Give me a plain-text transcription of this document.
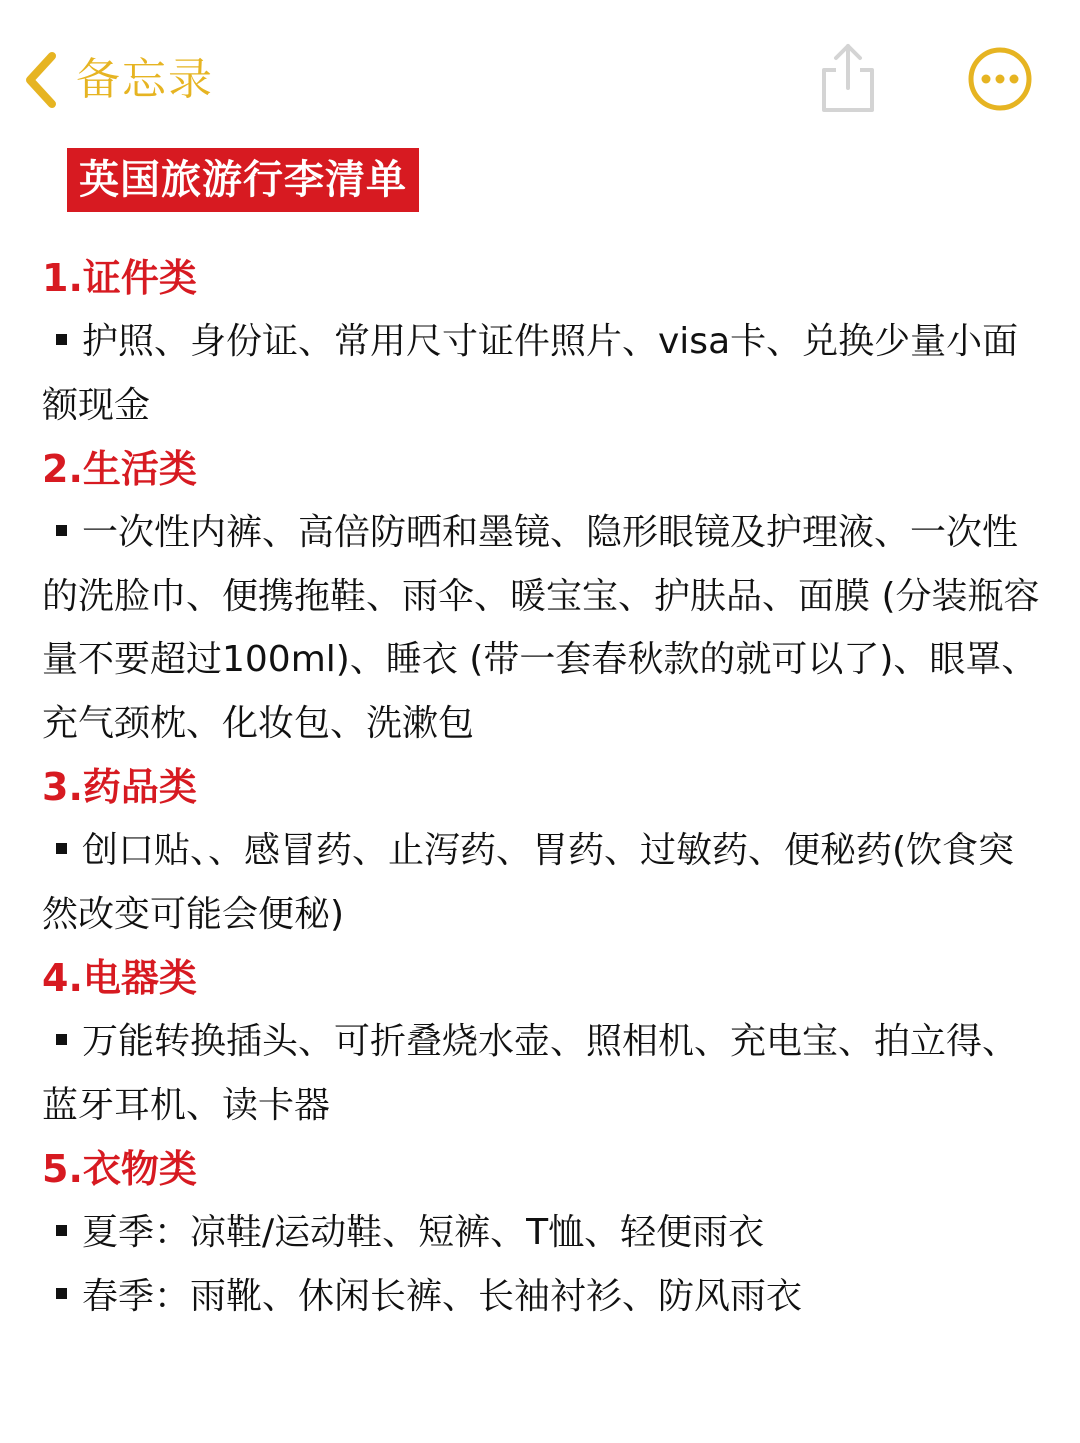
备忘录
英国旅游行李清单
1.证件类

护照、身份证、常用尺寸证件照片、visa卡、兑换少量小面额现金

2.生活类

一次性内裤、高倍防晒和墨镜、隐形眼镜及护理液、一次性的洗脸巾、便携拖鞋、雨伞、暖宝宝、护肤品、面膜 (分装瓶容量不要超过100ml)、睡衣 (带一套春秋款的就可以了)、眼罩、充气颈枕、化妆包、洗漱包

3.药品类

创口贴、、感冒药、止泻药、胃药、过敏药、便秘药(饮食突然改变可能会便秘)

4.电器类

万能转换插头、可折叠烧水壶、照相机、充电宝、拍立得、蓝牙耳机、读卡器

5.衣物类

夏季：凉鞋/运动鞋、短裤、T恤、轻便雨衣

春季：雨靴、休闲长裤、长袖衬衫、防风雨衣
